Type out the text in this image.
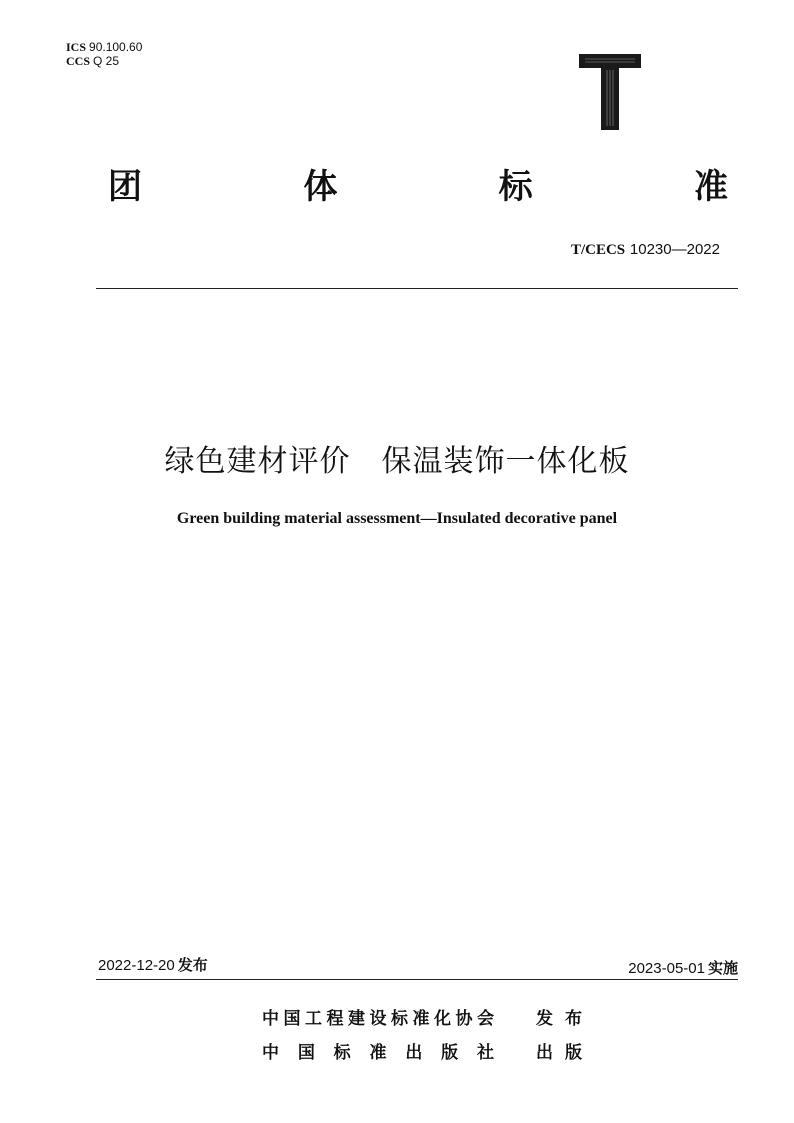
ICS 90.100.60
CCS Q 25
团	体	标	准
T/CECS 10230—2022
绿色建材评价　保温装饰一体化板
Green building material assessment—Insulated decorative panel
2022-12-20 发布	2023-05-01 实施
中 国 工 程 建 设 标 准 化 协 会 发 布
中 国 标 准 出 版 社 出 版
